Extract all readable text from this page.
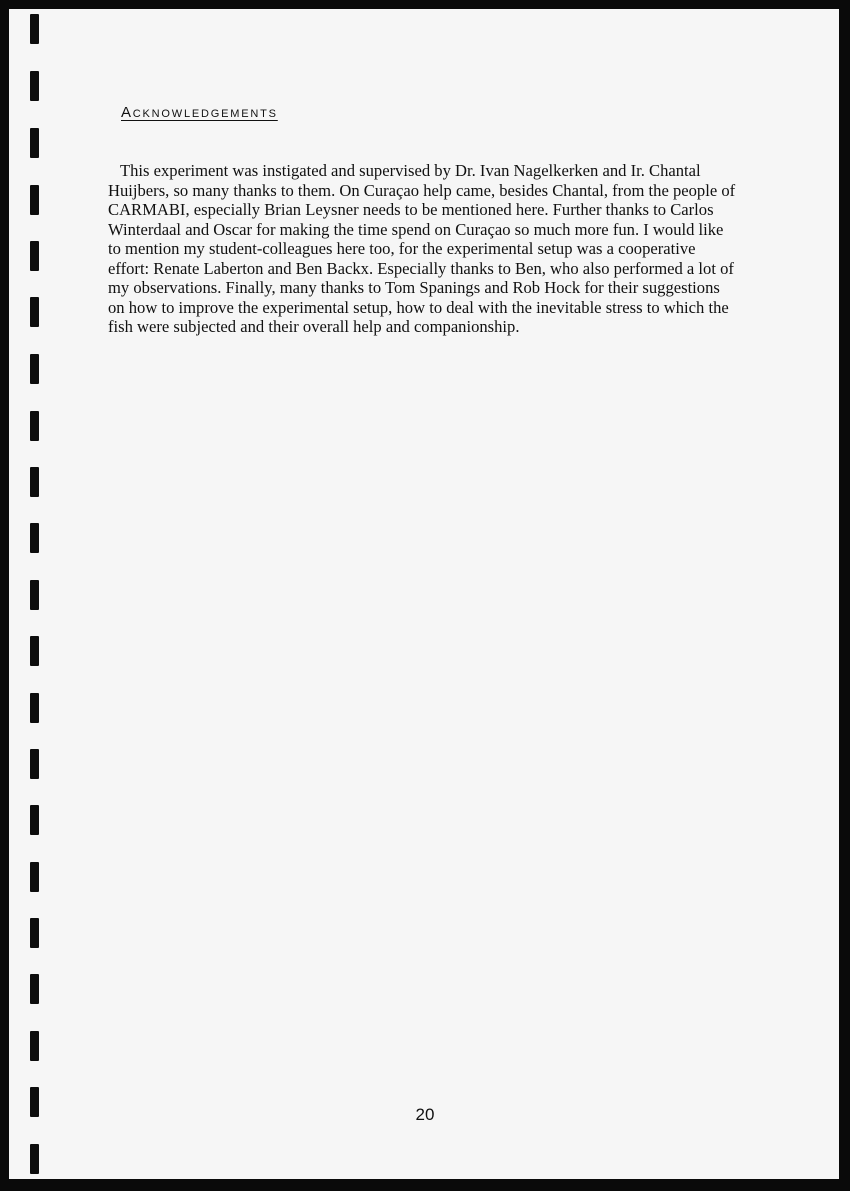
Acknowledgements

This experiment was instigated and supervised by Dr. Ivan Nagelkerken and Ir. Chantal
Huijbers, so many thanks to them. On Curaçao help came, besides Chantal, from the people of
CARMABI, especially Brian Leysner needs to be mentioned here. Further thanks to Carlos
Winterdaal and Oscar for making the time spend on Curaçao so much more fun. I would like
to mention my student-colleagues here too, for the experimental setup was a cooperative
effort: Renate Laberton and Ben Backx. Especially thanks to Ben, who also performed a lot of
my observations. Finally, many thanks to Tom Spanings and Rob Hock for their suggestions
on how to improve the experimental setup, how to deal with the inevitable stress to which the
fish were subjected and their overall help and companionship.

20
